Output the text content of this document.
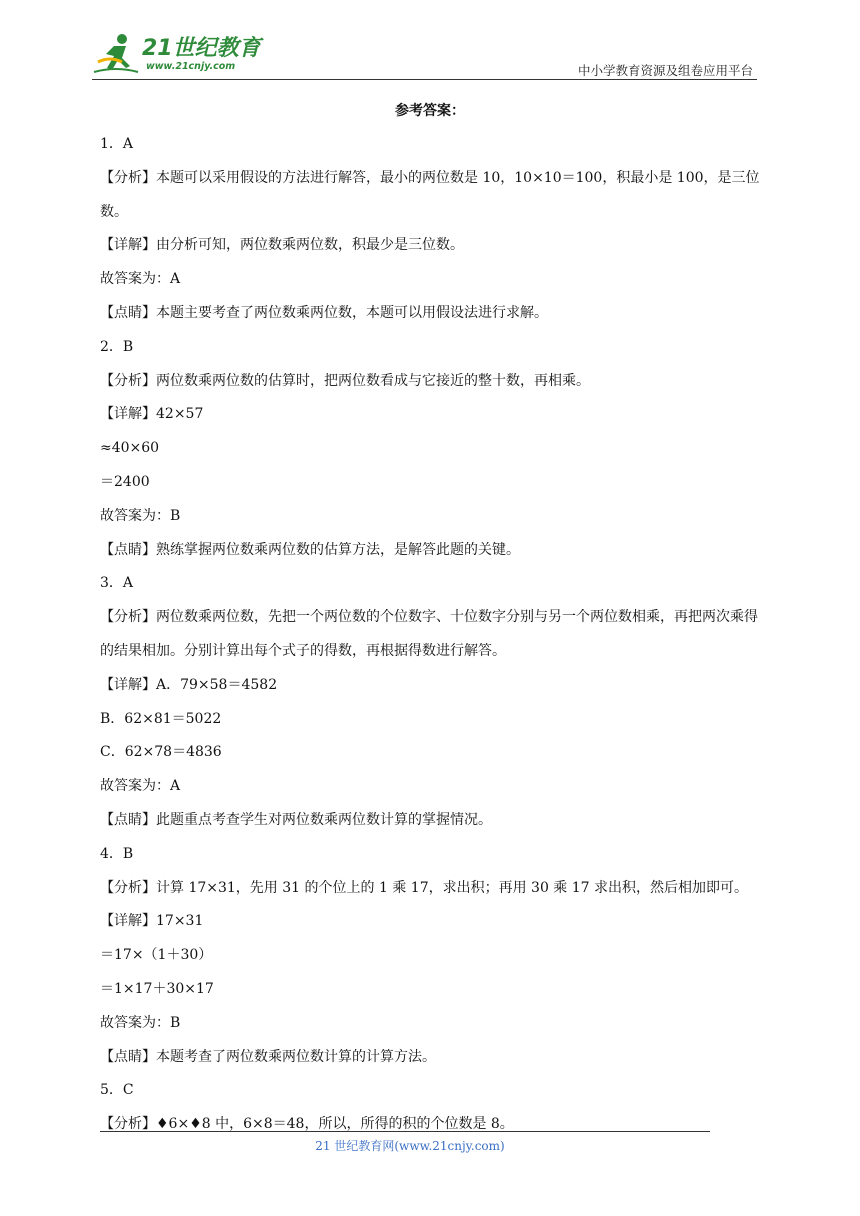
21世纪教育
www.21cnjy.com	中小学教育资源及组卷应用平台
参考答案：
1．A
【分析】本题可以采用假设的方法进行解答，最小的两位数是 10，10×10＝100，积最小是 100，是三位数。
【详解】由分析可知，两位数乘两位数，积最少是三位数。
故答案为：A
【点睛】本题主要考查了两位数乘两位数，本题可以用假设法进行求解。
2．B
【分析】两位数乘两位数的估算时，把两位数看成与它接近的整十数，再相乘。
【详解】42×57
≈40×60
＝2400
故答案为：B
【点睛】熟练掌握两位数乘两位数的估算方法，是解答此题的关键。
3．A
【分析】两位数乘两位数，先把一个两位数的个位数字、十位数字分别与另一个两位数相乘，再把两次乘得的结果相加。分别计算出每个式子的得数，再根据得数进行解答。
【详解】A．79×58＝4582
B．62×81＝5022
C．62×78＝4836
故答案为：A
【点睛】此题重点考查学生对两位数乘两位数计算的掌握情况。
4．B
【分析】计算 17×31，先用 31 的个位上的 1 乘 17，求出积；再用 30 乘 17 求出积，然后相加即可。
【详解】17×31
＝17×（1＋30）
＝1×17＋30×17
故答案为：B
【点睛】本题考查了两位数乘两位数计算的计算方法。
5．C
【分析】♦6×♦8 中，6×8＝48，所以，所得的积的个位数是 8。
21 世纪教育网(www.21cnjy.com)
